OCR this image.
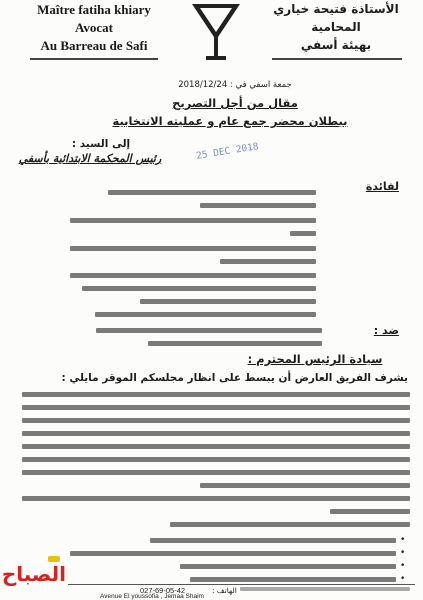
Maître fatiha khiary
Avocat
Au Barreau de Safi
الأستاذة فتيحة خياري
المحامية
بهيئة أسفي
جمعة اسفي في : 2018/12/24
مقال من أجل التصريح
ببطلان محضر جمع عام و عمليته الانتخابية
إلى السيد :
رئيس المحكمة الابتدائية بأسفي	25 DEC 2018
لفائدة
ضد :
سيادة الرئيس المحترم :
يشرف الفريق العارض أن يبسط على انظار مجلسكم الموقر مايلي :
•
•
•
•
الهاتف :
027-69-05-42
Avenue El youssofia , Jemaa Shaim
الصباح
